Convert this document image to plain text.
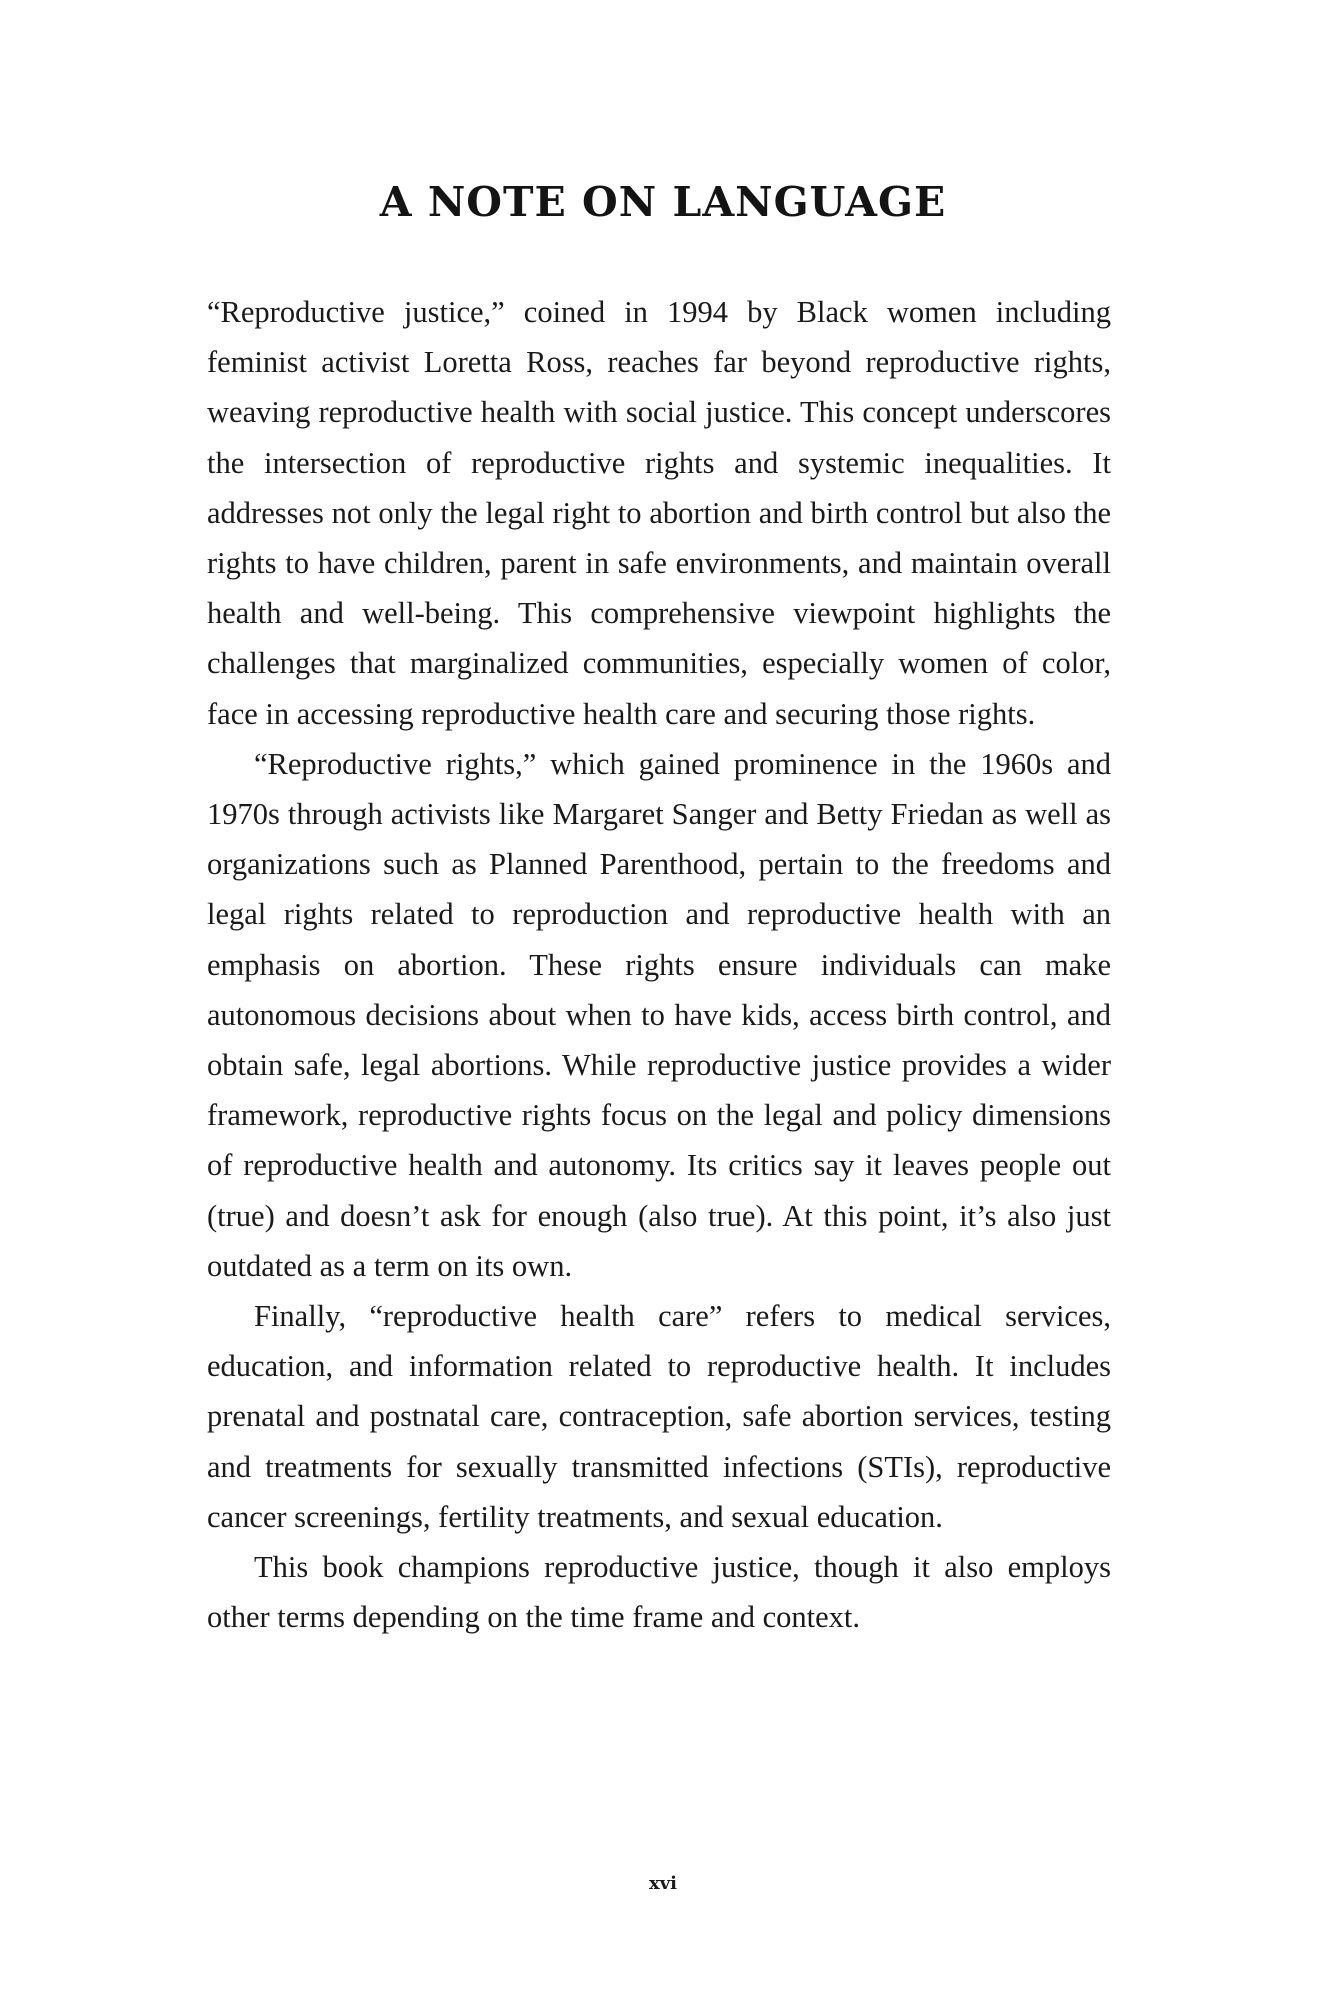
A NOTE ON LANGUAGE

“Reproductive justice,” coined in 1994 by Black women including feminist activist Loretta Ross, reaches far beyond reproductive rights, weaving reproductive health with social justice. This concept underscores the intersection of reproductive rights and systemic inequalities. It addresses not only the legal right to abortion and birth control but also the rights to have children, parent in safe environments, and maintain overall health and well-being. This comprehensive viewpoint highlights the challenges that marginalized communities, especially women of color, face in accessing reproductive health care and securing those rights.

“Reproductive rights,” which gained prominence in the 1960s and 1970s through activists like Margaret Sanger and Betty Friedan as well as organizations such as Planned Parenthood, pertain to the freedoms and legal rights related to reproduction and reproductive health with an emphasis on abortion. These rights ensure individuals can make autonomous decisions about when to have kids, access birth control, and obtain safe, legal abortions. While reproductive justice provides a wider framework, reproductive rights focus on the legal and policy dimensions of reproductive health and autonomy. Its critics say it leaves people out (true) and doesn’t ask for enough (also true). At this point, it’s also just outdated as a term on its own.

Finally, “reproductive health care” refers to medical services, education, and information related to reproductive health. It includes prenatal and postnatal care, contraception, safe abortion services, testing and treatments for sexually transmitted infections (STIs), reproductive cancer screenings, fertility treatments, and sexual education.

This book champions reproductive justice, though it also employs other terms depending on the time frame and context.

xvi
